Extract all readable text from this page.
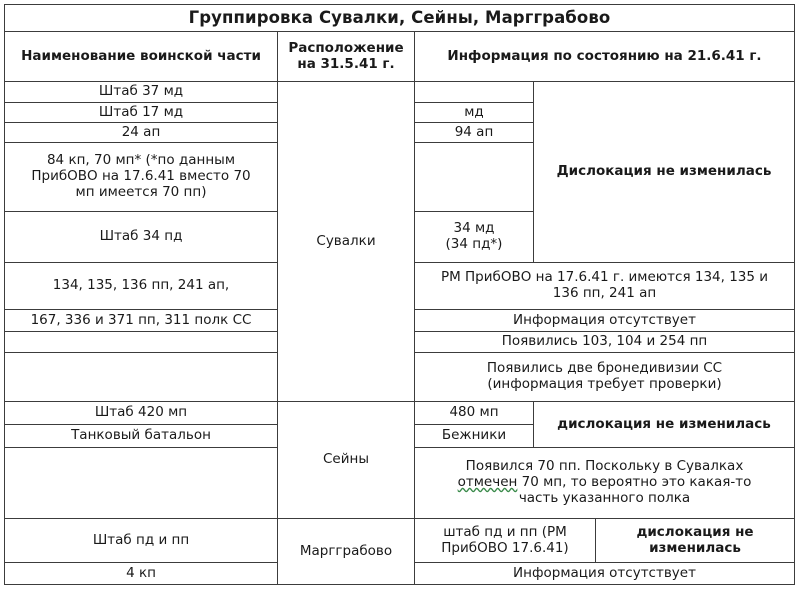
Группировка Сувалки, Сейны, Маргграбово
Наименование воинской части	Расположение
на 31.5.41 г.	Информация по состоянию на 21.6.41 г.
Штаб 37 мд
Штаб 17 мд
24 ап
84 кп, 70 мп* (*по данным
ПрибОВО на 17.6.41 вместо 70
мп имеется 70 пп)
Штаб 34 пд
134, 135, 136 пп, 241 ап,
167, 336 и 371 пп, 311 полк СС
Штаб 420 мп
Танковый батальон
Штаб пд и пп
4 кп
Сувалки
Сейны
Маргграбово
мд
94 ап
34 мд
(34 пд*)
Дислокация не изменилась
РМ ПрибОВО на 17.6.41 г. имеются 134, 135 и
136 пп, 241 ап
Информация отсутствует
Появились 103, 104 и 254 пп
Появились две бронедивизии СС
(информация требует проверки)
480 мп
Бежники
дислокация не изменилась
Появился 70 пп. Поскольку в Сувалках
отмечен 70 мп, то вероятно это какая-то
часть указанного полка
штаб пд и пп (РМ
ПрибОВО 17.6.41)
дислокация не
изменилась
Информация отсутствует
